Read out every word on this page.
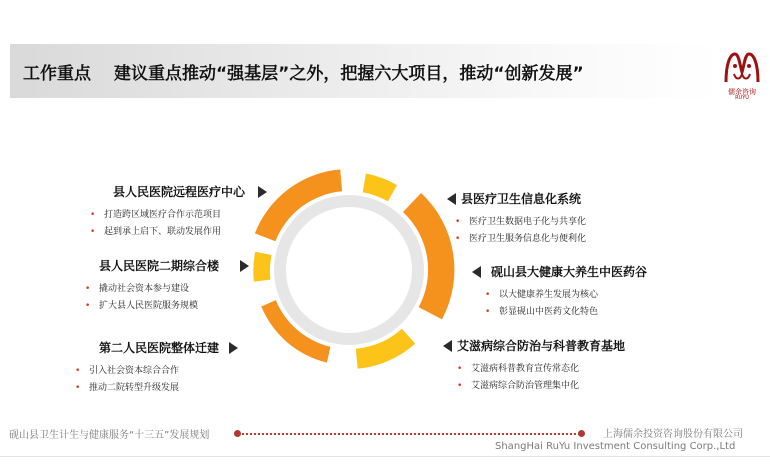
工作重点 建议重点推动“强基层”之外，把握六大项目，推动“创新发展”
儒余咨询
RUYU
县人民医院远程医疗中心
• 打造跨区域医疗合作示范项目
• 起到承上启下、联动发展作用
县人民医院二期综合楼
• 撬动社会资本参与建设
• 扩大县人民医院服务规模
第二人民医院整体迁建
• 引入社会资本综合合作
• 推动二院转型升级发展
县医疗卫生信息化系统
• 医疗卫生数据电子化与共享化
• 医疗卫生服务信息化与便利化
砚山县大健康大养生中医药谷
• 以大健康养生发展为核心
• 彰显砚山中医药文化特色
艾滋病综合防治与科普教育基地
• 艾滋病科普教育宣传常态化
• 艾滋病综合防治管理集中化
砚山县卫生计生与健康服务“十三五”发展规划	上海儒余投资咨询股份有限公司
ShangHai RuYu Investment Consulting Corp.,Ltd
